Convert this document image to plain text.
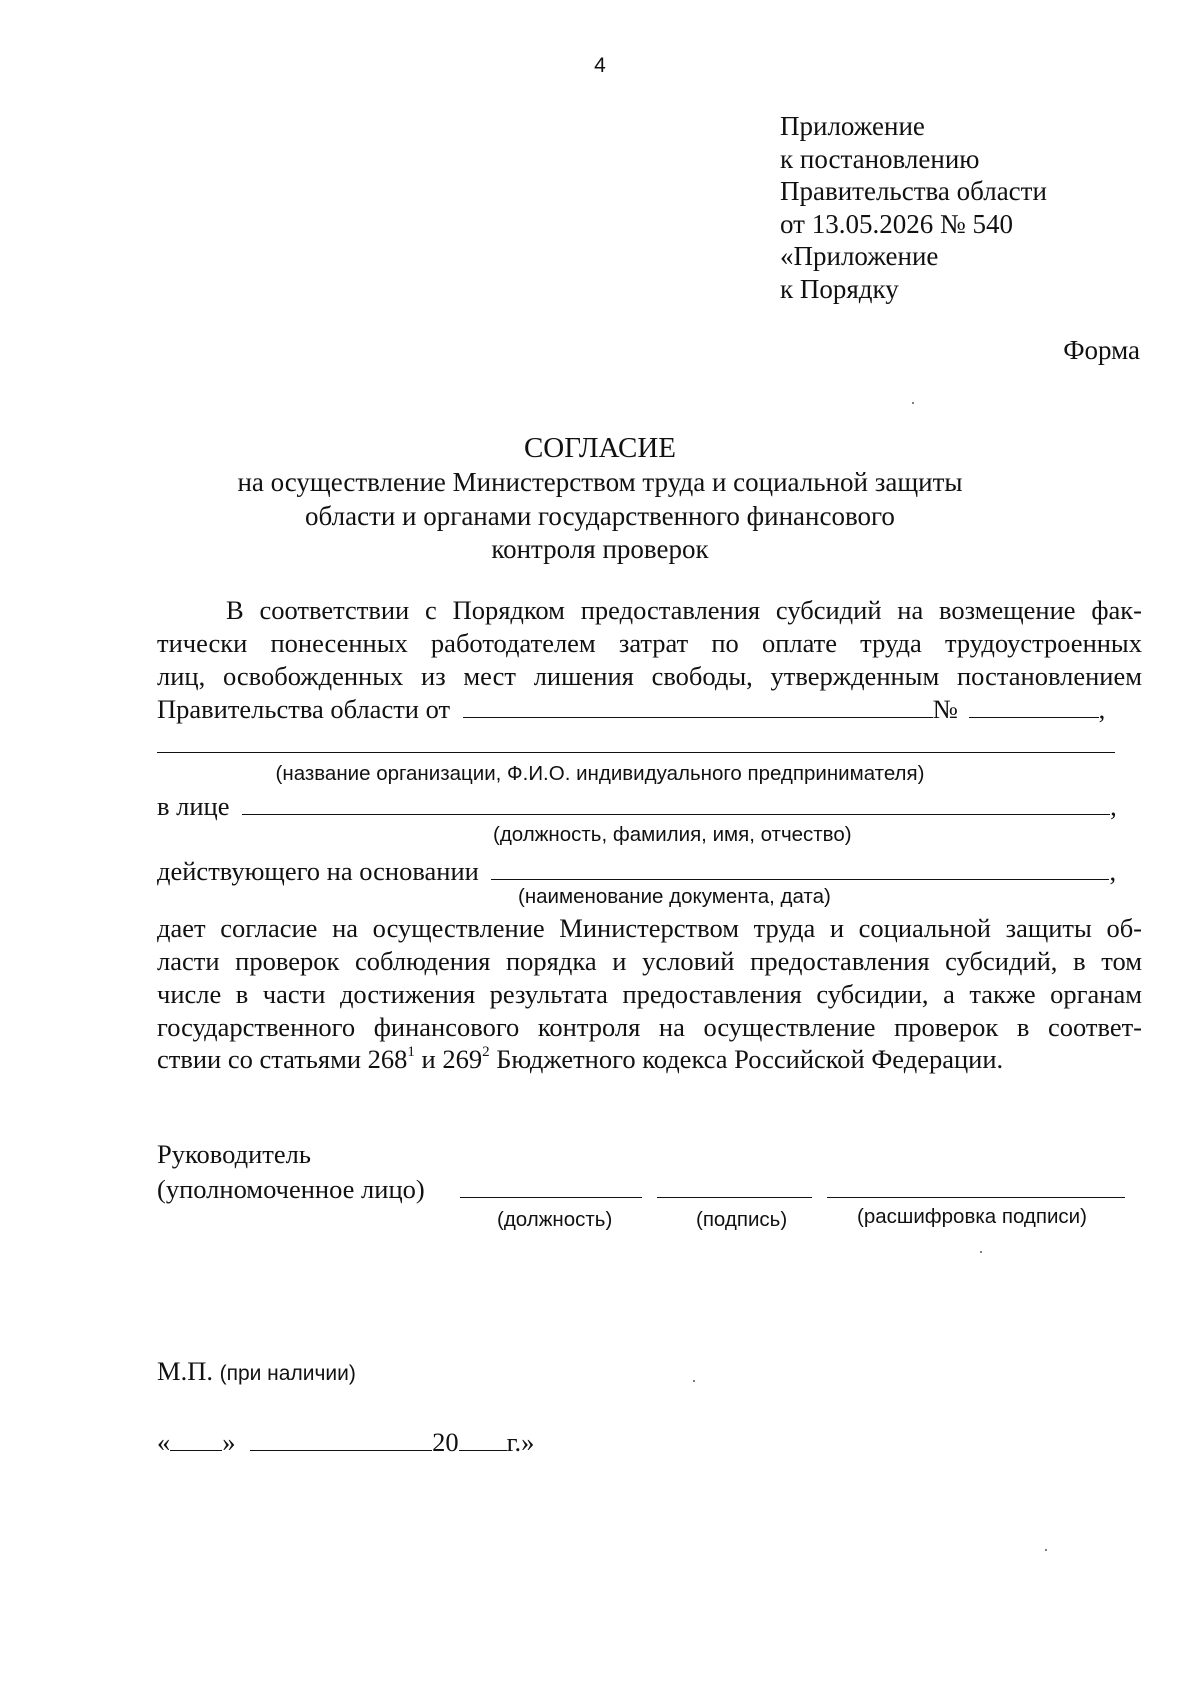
4
Приложение
к постановлению
Правительства области
от 13.05.2026 № 540
«Приложение
к Порядку
Форма
СОГЛАСИЕ
на осуществление Министерством труда и социальной защиты
области и органами государственного финансового
контроля проверок
В соответствии с Порядком предоставления субсидий на возмещение фак-
тически понесенных работодателем затрат по оплате труда трудоустроенных
лиц, освобожденных из мест лишения свободы, утвержденным постановлением
Правительства области от	№	,
(название организации, Ф.И.О. индивидуального предпринимателя)
в лице	,
(должность, фамилия, имя, отчество)
действующего на основании	,
(наименование документа, дата)
дает согласие на осуществление Министерством труда и социальной защиты об-
ласти проверок соблюдения порядка и условий предоставления субсидий, в том
числе в части достижения результата предоставления субсидии, а также органам
государственного финансового контроля на осуществление проверок в соответ-
ствии со статьями $268^1$ и $269^2$ Бюджетного кодекса Российской Федерации.
Руководитель
(уполномоченное лицо)
(должность)	(подпись)	(расшифровка подписи)
М.П. (при наличии)
« »	20 г.»
